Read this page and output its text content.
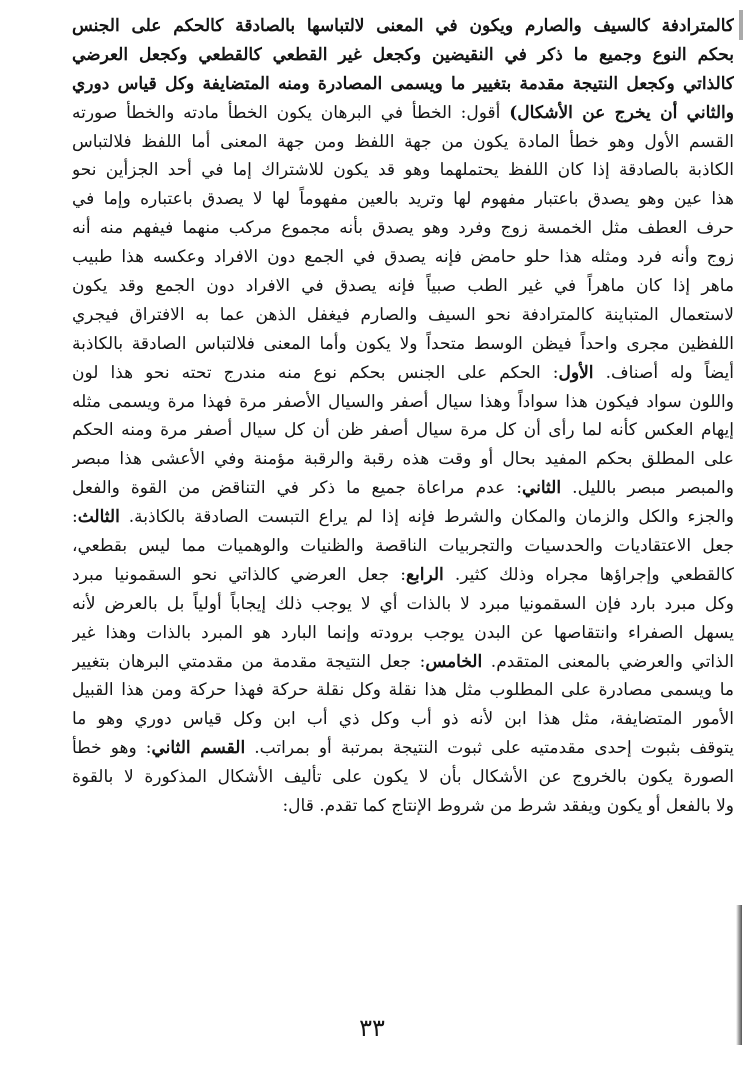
كالمترادفة كالسيف والصارم ويكون في المعنى لالتباسها بالصادقة كالحكم على الجنس
بحكم النوع وجميع ما ذكر في النقيضين وكجعل غير القطعي كالقطعي وكجعل العرضي
كالذاتي وكجعل النتيجة مقدمة بتغيير ما ويسمى المصادرة ومنه المتضايفة وكل قياس دوري
والثاني أن يخرج عن الأشكال) أقول: الخطأ في البرهان يكون الخطأ مادته والخطأ صورته
القسم الأول وهو خطأ المادة يكون من جهة اللفظ ومن جهة المعنى أما اللفظ فلالتباس
الكاذبة بالصادقة إذا كان اللفظ يحتملهما وهو قد يكون للاشتراك إما في أحد الجزأين نحو
هذا عين وهو يصدق باعتبار مفهوم لها وتريد بالعين مفهوماً لها لا يصدق باعتباره وإما في
حرف العطف مثل الخمسة زوج وفرد وهو يصدق بأنه مجموع مركب منهما فيفهم منه أنه
زوج وأنه فرد ومثله هذا حلو حامض فإنه يصدق في الجمع دون الافراد وعكسه هذا طبيب
ماهر إذا كان ماهراً في غير الطب صبياً فإنه يصدق في الافراد دون الجمع وقد يكون
لاستعمال المتباينة كالمترادفة نحو السيف والصارم فيغفل الذهن عما به الافتراق فيجري
اللفظين مجرى واحداً فيظن الوسط متحداً ولا يكون وأما المعنى فلالتباس الصادقة بالكاذبة
أيضاً وله أصناف. الأول: الحكم على الجنس بحكم نوع منه مندرج تحته نحو هذا لون
واللون سواد فيكون هذا سواداً وهذا سيال أصفر والسيال الأصفر مرة فهذا مرة ويسمى مثله
إيهام العكس كأنه لما رأى أن كل مرة سيال أصفر ظن أن كل سيال أصفر مرة ومنه الحكم
على المطلق بحكم المفيد بحال أو وقت هذه رقبة والرقبة مؤمنة وفي الأعشى هذا مبصر
والمبصر مبصر بالليل. الثاني: عدم مراعاة جميع ما ذكر في التناقض من القوة والفعل
والجزء والكل والزمان والمكان والشرط فإنه إذا لم يراع التبست الصادقة بالكاذبة. الثالث:
جعل الاعتقاديات والحدسيات والتجربيات الناقصة والظنيات والوهميات مما ليس بقطعي،
كالقطعي وإجراؤها مجراه وذلك كثير. الرابع: جعل العرضي كالذاتي نحو السقمونيا مبرد
وكل مبرد بارد فإن السقمونيا مبرد لا بالذات أي لا يوجب ذلك إيجاباً أولياً بل بالعرض لأنه
يسهل الصفراء وانتقاصها عن البدن يوجب برودته وإنما البارد هو المبرد بالذات وهذا غير
الذاتي والعرضي بالمعنى المتقدم. الخامس: جعل النتيجة مقدمة من مقدمتي البرهان بتغيير
ما ويسمى مصادرة على المطلوب مثل هذا نقلة وكل نقلة حركة فهذا حركة ومن هذا القبيل
الأمور المتضايفة، مثل هذا ابن لأنه ذو أب وكل ذي أب ابن وكل قياس دوري وهو ما
يتوقف بثبوت إحدى مقدمتيه على ثبوت النتيجة بمرتبة أو بمراتب. القسم الثاني: وهو خطأ
الصورة يكون بالخروج عن الأشكال بأن لا يكون على تأليف الأشكال المذكورة لا بالقوة
ولا بالفعل أو يكون ويفقد شرط من شروط الإنتاج كما تقدم. قال:
٣٣
